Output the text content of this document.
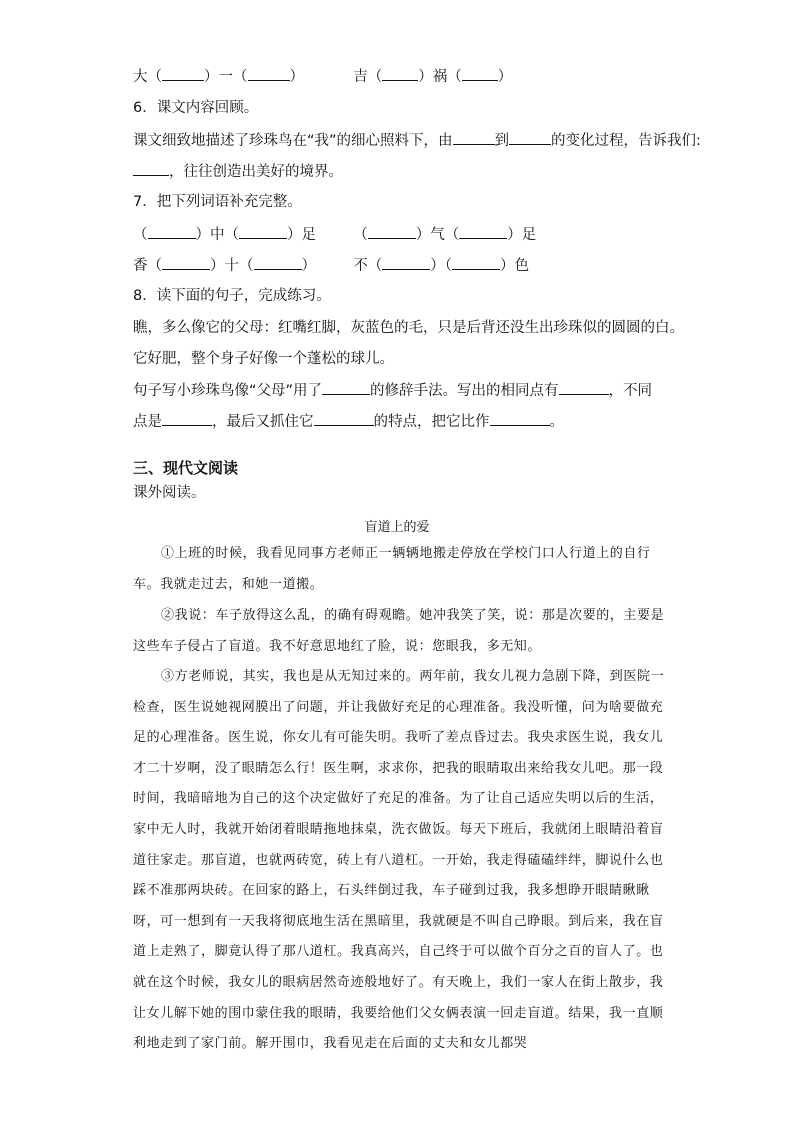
大（	）一（	）	吉（ ）祸（ ）
6．课文内容回顾。
课文细致地描述了珍珠鸟在“我”的细心照料下，由	到	的变化过程，告诉我们:
，往往创造出美好的境界。
7．把下列词语补充完整。
（	）中（	）足	（	）气（	）足
香（	）十（	）	不（	）（	）色
8．读下面的句子，完成练习。
瞧，多么像它的父母：红嘴红脚，灰蓝色的毛，只是后背还没生出珍珠似的圆圆的白。
它好肥，整个身子好像一个蓬松的球儿。
句子写小珍珠鸟像“父母”用了	的修辞手法。写出的相同点有	，不同
点是	，最后又抓住它	的特点，把它比作	。
三、现代文阅读
课外阅读。
盲道上的爱
①上班的时候，我看见同事方老师正一辆辆地搬走停放在学校门口人行道上的自行车。我就走过去，和她一道搬。
②我说：车子放得这么乱，的确有碍观瞻。她冲我笑了笑，说：那是次要的，主要是这些车子侵占了盲道。我不好意思地红了脸，说：您眼我，多无知。
③方老师说，其实，我也是从无知过来的。两年前，我女儿视力急剧下降，到医院一检查，医生说她视网膜出了问题，并让我做好充足的心理准备。我没听懂，问为啥要做充足的心理准备。医生说，你女儿有可能失明。我听了差点昏过去。我央求医生说，我女儿才二十岁啊，没了眼睛怎么行！医生啊，求求你，把我的眼睛取出来给我女儿吧。那一段时间，我暗暗地为自己的这个决定做好了充足的准备。为了让自己适应失明以后的生活，家中无人时，我就开始闭着眼睛拖地抹桌，洗衣做饭。每天下班后，我就闭上眼睛沿着盲道往家走。那盲道，也就两砖宽，砖上有八道杠。一开始，我走得磕磕绊绊，脚说什么也踩不准那两块砖。在回家的路上，石头绊倒过我，车子碰到过我，我多想睁开眼睛瞅瞅呀，可一想到有一天我将彻底地生活在黑暗里，我就硬是不叫自己睁眼。到后来，我在盲道上走熟了，脚竟认得了那八道杠。我真高兴，自己终于可以做个百分之百的盲人了。也就在这个时候，我女儿的眼病居然奇迹般地好了。有天晚上，我们一家人在街上散步，我让女儿解下她的围巾蒙住我的眼睛，我要给他们父女俩表演一回走盲道。结果，我一直顺利地走到了家门前。解开围巾，我看见走在后面的丈夫和女儿都哭
